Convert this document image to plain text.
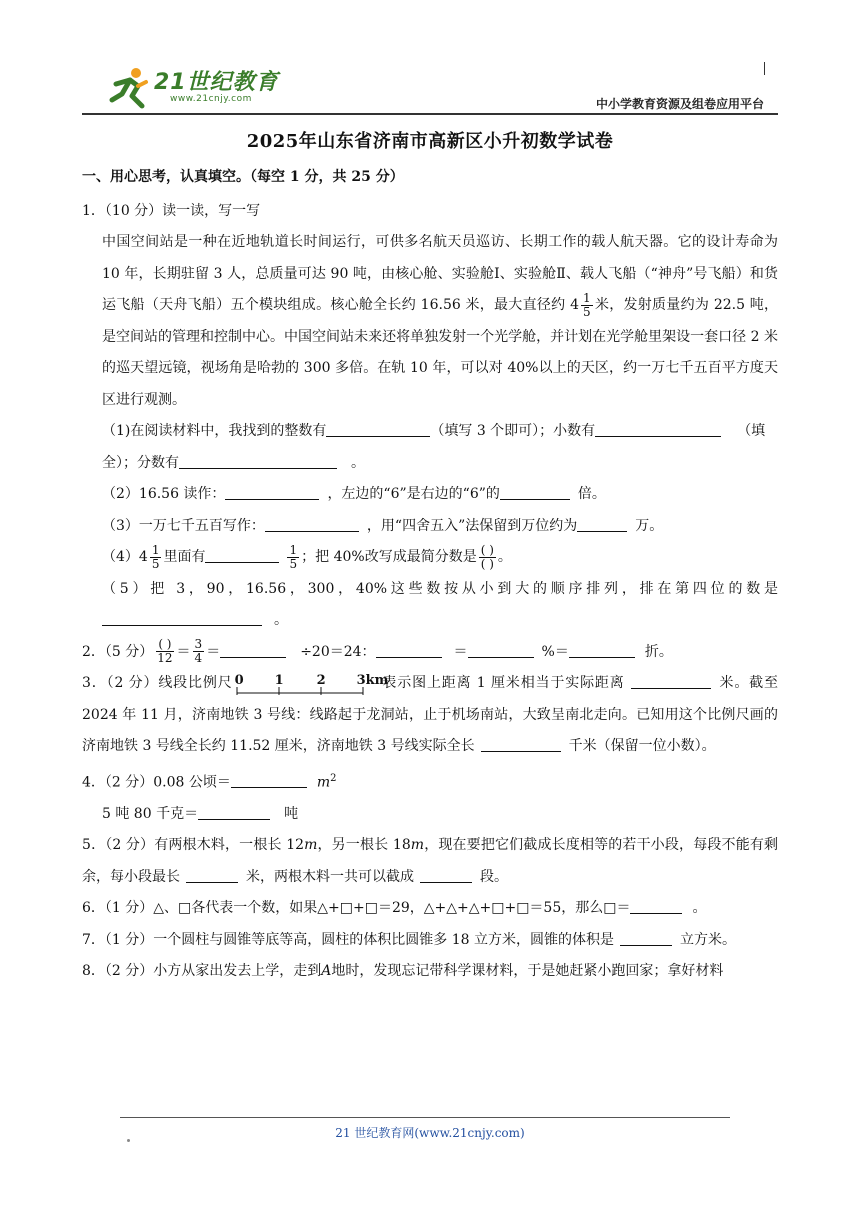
21世纪教育
www.21cnjy.com	中小学教育资源及组卷应用平台
2025年山东省济南市高新区小升初数学试卷
一、用心思考，认真填空。（每空 1 分，共 25 分）
1．（10 分）读一读，写一写
中国空间站是一种在近地轨道长时间运行，可供多名航天员巡访、长期工作的载人航天器。它的设计寿命为 10 年，长期驻留 3 人，总质量可达 90 吨，由核心舱、实验舱Ⅰ、实验舱Ⅱ、载人飞船（“神舟”号飞船）和货运飞船（天舟飞船）五个模块组成。核心舱全长约 16.56 米，最大直径约 $4 \frac{1}{5}$ 米，发射质量约为 22.5 吨，是空间站的管理和控制中心。中国空间站未来还将单独发射一个光学舱，并计划在光学舱里架设一套口径 2 米的巡天望远镜，视场角是哈勃的 300 多倍。在轨 10 年，可以对 40%以上的天区，约一万七千五百平方度天区进行观测。
（1)在阅读材料中，我找到的整数有	（填写 3 个即可）；小数有	（填全）；分数有	。
（2）16.56 读作：	，左边的“6”是右边的“6”的	倍。
（3）一万七千五百写作：	，用“四舍五入”法保留到万位约为	万。
（4） $4 \frac{1}{5}$ 里面有	$\frac{1}{5}$ ；把 40%改写成最简分数是 $\frac{( )}{( )}$ 。
（5）把 3，90，16.56，300，40%这些数按从小到大的顺序排列，排在第四位的数是。
2．（5 分） $\frac{( )}{12} = \frac{3}{4}$ ＝	÷20＝24：	＝	%＝	折。
3．（2 分）线段比例尺 0 1	2 3km
表示图上距离 1 厘米相当于实际距离	米。截至 2024 年 11 月，济南地铁 3 号线：线路起于龙洞站，止于机场南站，大致呈南北走向。已知用这个比例尺画的济南地铁 3 号线全长约 11.52 厘米，济南地铁 3 号线实际全长	千米（保留一位小数）。
4．（2 分）0.08 公顷＝	$m^2$
5 吨 80 千克＝	吨
5．（2 分）有两根木料，一根长 12m，另一根长 18m，现在要把它们截成长度相等的若干小段，每段不能有剩余，每小段最长	米，两根木料一共可以截成	段。
6．（1 分）△、□各代表一个数，如果△+□+□＝29，△+△+△+□+□＝55，那么□＝	。
7．（1 分）一个圆柱与圆锥等底等高，圆柱的体积比圆锥多 18 立方米，圆锥的体积是	立方米。
8．（2 分）小方从家出发去上学，走到A地时，发现忘记带科学课材料，于是她赶紧小跑回家；拿好材料
21 世纪教育网(www.21cnjy.com)
